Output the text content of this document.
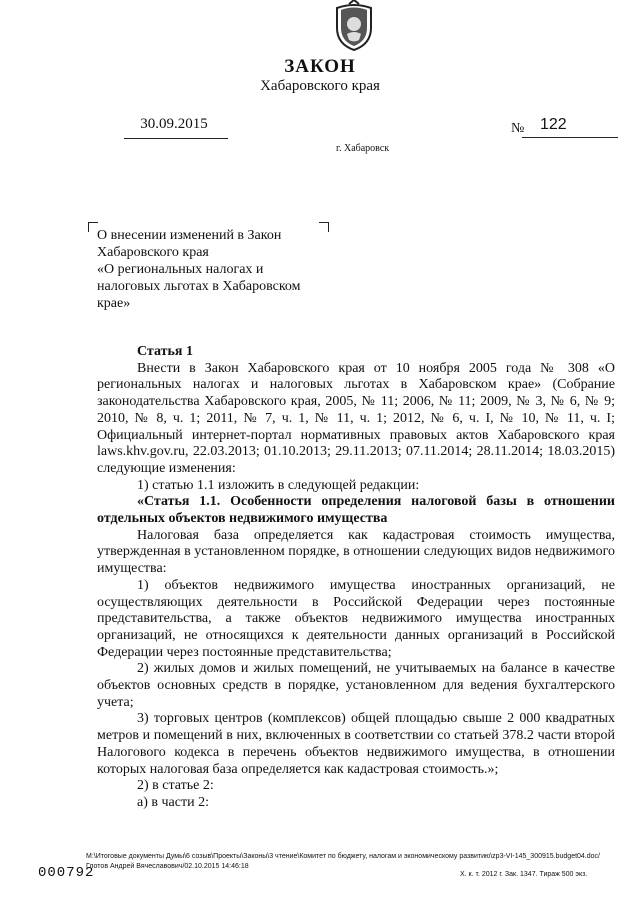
ЗАКОН
Хабаровского края
30.09.2015	№ 122
г. Хабаровск
О внесении изменений в Закон
Хабаровского края
«О региональных налогах и
налоговых льготах в Хабаровском
крае»

Статья 1

Внести в Закон Хабаровского края от 10 ноября 2005 года № 308 «О региональных налогах и налоговых льготах в Хабаровском крае» (Собрание законодательства Хабаровского края, 2005, № 11; 2006, № 11; 2009, № 3, № 6, № 9; 2010, № 8, ч. 1; 2011, № 7, ч. 1, № 11, ч. 1; 2012, № 6, ч. I, № 10, № 11, ч. I; Официальный интернет-портал нормативных правовых актов Хабаровского края laws.khv.gov.ru, 22.03.2013; 01.10.2013; 29.11.2013; 07.11.2014; 28.11.2014; 18.03.2015) следующие изменения:

1) статью 1.1 изложить в следующей редакции:

«Статья 1.1. Особенности определения налоговой базы в отношении отдельных объектов недвижимого имущества

Налоговая база определяется как кадастровая стоимость имущества, утвержденная в установленном порядке, в отношении следующих видов недвижимого имущества:

1) объектов недвижимого имущества иностранных организаций, не осуществляющих деятельности в Российской Федерации через постоянные представительства, а также объектов недвижимого имущества иностранных организаций, не относящихся к деятельности данных организаций в Российской Федерации через постоянные представительства;

2) жилых домов и жилых помещений, не учитываемых на балансе в качестве объектов основных средств в порядке, установленном для ведения бухгалтерского учета;

3) торговых центров (комплексов) общей площадью свыше 2 000 квадратных метров и помещений в них, включенных в соответствии со статьей 378.2 части второй Налогового кодекса в перечень объектов недвижимого имущества, в отношении которых налоговая база определяется как кадастровая стоимость.»;

2) в статье 2:

а) в части 2:

M:\Итоговые документы Думы\6 созыв\Проекты\Законы\3 чтение\Комитет по бюджету, налогам и экономическому развитию\zp3-VI-145_300915.budget04.doc/Глотов Андрей Вячеславович/02.10.2015 14:46:18
000792	Х. к. т. 2012 г. Зак. 1347. Тираж 500 экз.
